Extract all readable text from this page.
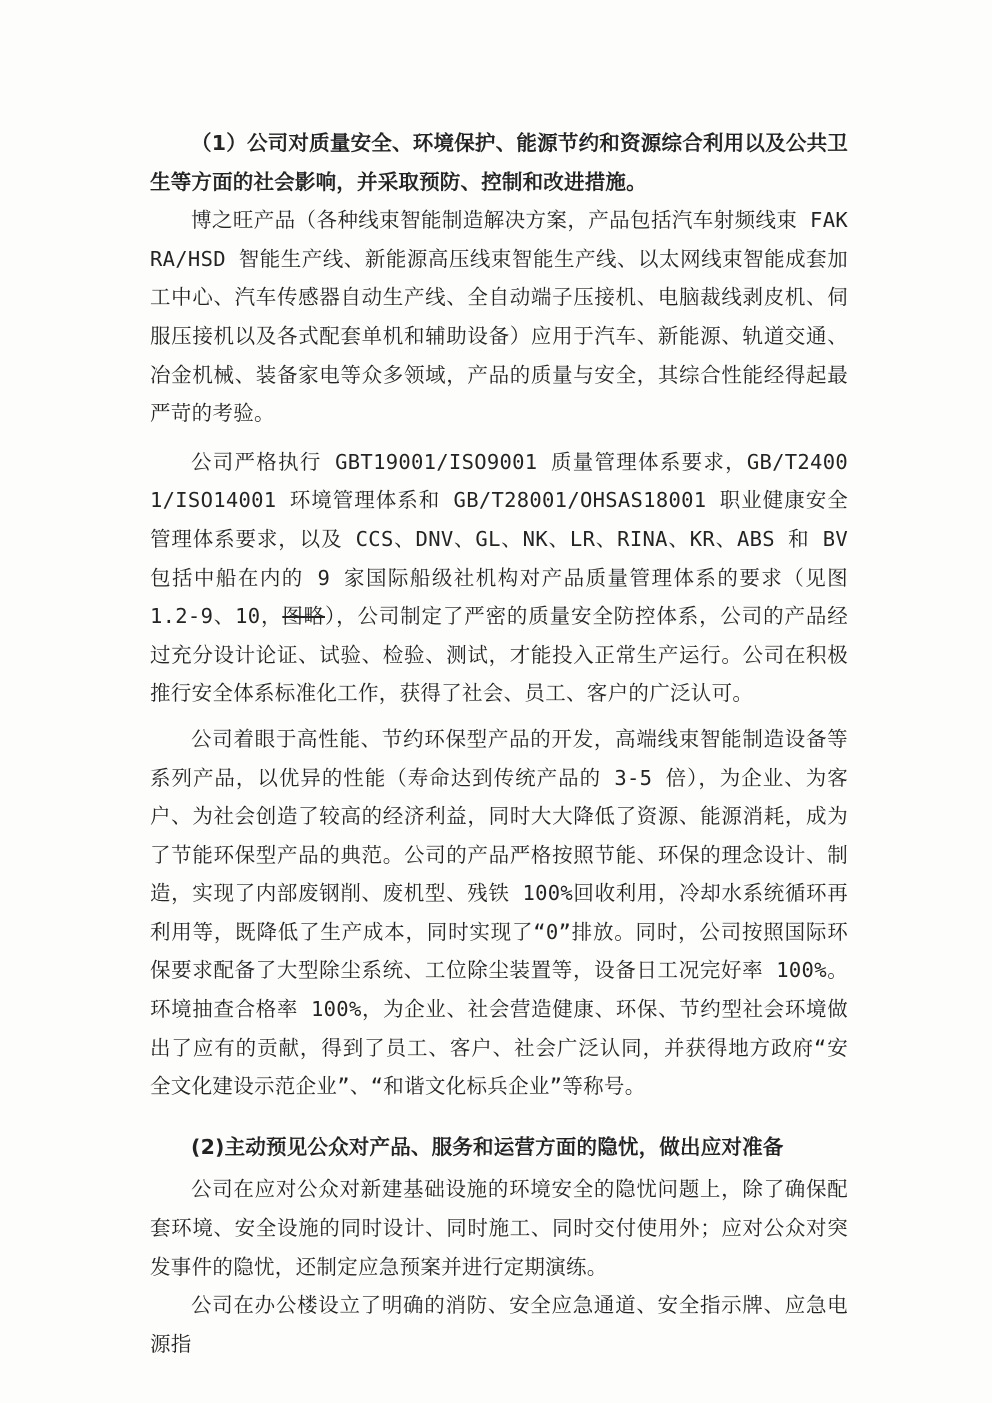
（1）公司对质量安全、环境保护、能源节约和资源综合利用以及公共卫生等方面的社会影响，并采取预防、控制和改进措施。

博之旺产品（各种线束智能制造解决方案，产品包括汽车射频线束 FAKRA/HSD 智能生产线、新能源高压线束智能生产线、以太网线束智能成套加工中心、汽车传感器自动生产线、全自动端子压接机、电脑裁线剥皮机、伺服压接机以及各式配套单机和辅助设备）应用于汽车、新能源、轨道交通、冶金机械、装备家电等众多领域，产品的质量与安全，其综合性能经得起最严苛的考验。

公司严格执行 GBT19001/ISO9001 质量管理体系要求，GB/T24001/ISO14001 环境管理体系和 GB/T28001/OHSAS18001 职业健康安全管理体系要求，以及 CCS、DNV、GL、NK、LR、RINA、KR、ABS 和 BV 包括中船在内的 9 家国际船级社机构对产品质量管理体系的要求（见图 1.2-9、10，图略），公司制定了严密的质量安全防控体系，公司的产品经过充分设计论证、试验、检验、测试，才能投入正常生产运行。公司在积极推行安全体系标准化工作，获得了社会、员工、客户的广泛认可。

公司着眼于高性能、节约环保型产品的开发，高端线束智能制造设备等系列产品，以优异的性能（寿命达到传统产品的 3-5 倍），为企业、为客户、为社会创造了较高的经济利益，同时大大降低了资源、能源消耗，成为了节能环保型产品的典范。公司的产品严格按照节能、环保的理念设计、制造，实现了内部废钢削、废机型、残铁 100%回收利用，冷却水系统循环再利用等，既降低了生产成本，同时实现了“0”排放。同时，公司按照国际环保要求配备了大型除尘系统、工位除尘装置等，设备日工况完好率 100%。环境抽查合格率 100%，为企业、社会营造健康、环保、节约型社会环境做出了应有的贡献，得到了员工、客户、社会广泛认同，并获得地方政府“安全文化建设示范企业”、“和谐文化标兵企业”等称号。

(2)主动预见公众对产品、服务和运营方面的隐忧，做出应对准备

公司在应对公众对新建基础设施的环境安全的隐忧问题上，除了确保配套环境、安全设施的同时设计、同时施工、同时交付使用外；应对公众对突发事件的隐忧，还制定应急预案并进行定期演练。

公司在办公楼设立了明确的消防、安全应急通道、安全指示牌、应急电源指
